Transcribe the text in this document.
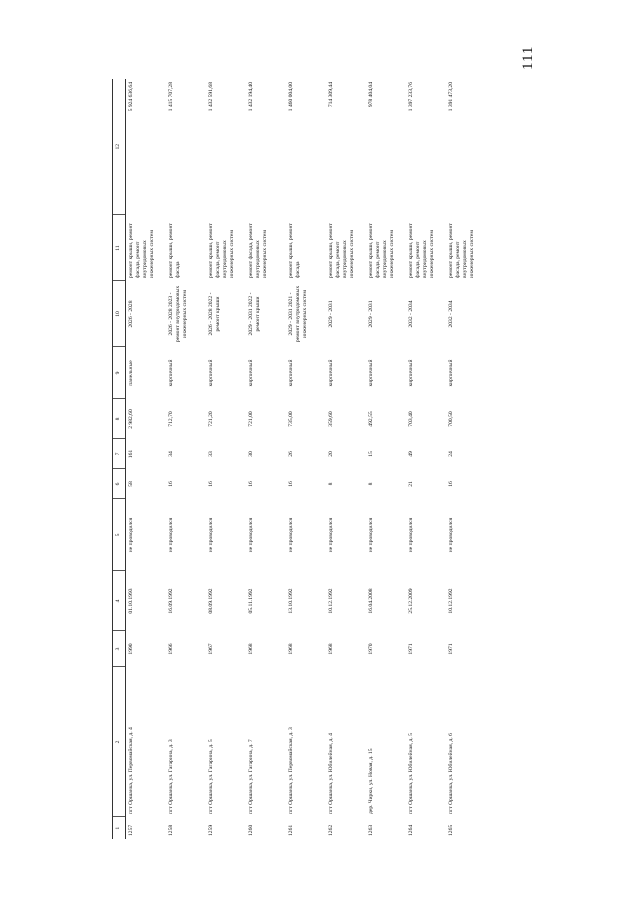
111
1	2	3	4	5	6	7	8	9	10	11	12
1257	пгт Оршанка, ул. Первомайская, д. 4	1990	01.10.1993	не проводился	58	161	2 982,60	панельные	2026 - 2028	ремонт крыши, ремонт фасада, ремонт внутридомовых инженерных систем	5 924 636,64
1258	пгт Оршанка, ул. Гагарина, д. 3	1966	16.09.1992	не проводился	16	34	712,70	кирпичный	2026 - 2028 2023 - ремонт внутридомовых инженерных систем	ремонт крыши, ремонт фасада	1 415 707,28
1259	пгт Оршанка, ул. Гагарина, д. 5	1967	08.09.1992	не проводился	16	33	721,20	кирпичный	2026 - 2028 2022 - ремонт крыши	ремонт крыши, ремонт фасада, ремонт внутридомовых инженерных систем	1 432 591,68
1260	пгт Оршанка, ул. Гагарина, д. 7	1968	05.11.1992	не проводился	16	30	721,00	кирпичный	2029 - 2031 2022 - ремонт крыши	ремонт фасада, ремонт внутридомовых инженерных систем	1 432 194,40
1261	пгт Оршанка, ул. Первомайская, д. 3	1968	13.10.1992	не проводился	16	26	735,00	кирпичный	2029 - 2031 2021 - ремонт внутридомовых инженерных систем	ремонт крыши, ремонт фасада	1 460 004,00
1262	пгт Оршанка, ул. Юбилейная, д. 4	1968	10.12.1992	не проводился	8	20	359,60	кирпичный	2029 - 2031	ремонт крыши, ремонт фасада, ремонт внутридомовых инженерных систем	714 309,44
1263	дер. Чирки, ул. Новая, д. 15	1970	16.04.2008	не проводился	8	15	492,55	кирпичный	2029 - 2031	ремонт крыши, ремонт фасада, ремонт внутридомовых инженерных систем	978 404,04
1264	пгт Оршанка, ул. Юбилейная, д. 5	1971	25.12.2009	не проводился	21	49	703,40	кирпичный	2032 - 2034	ремонт крыши, ремонт фасада, ремонт внутридомовых инженерных систем	1 397 233,76
1265	пгт Оршанка, ул. Юбилейная, д. 6	1971	10.12.1992	не проводился	16	24	700,50	кирпичный	2032 - 2034	ремонт крыши, ремонт фасада, ремонт внутридомовых инженерных систем	1 391 473,20
